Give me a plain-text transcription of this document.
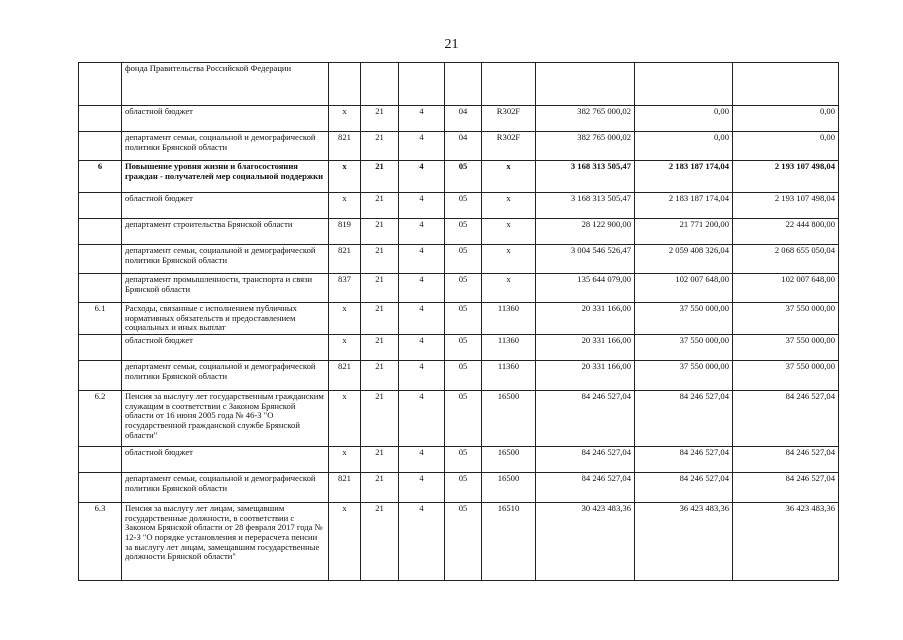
21

	фонда Правительства Российской Федерации								

	областной бюджет	x	21	4	04	R302F	382 765 000,02	0,00	0,00

	департамент семьи, социальной и демографической политики Брянской области	821	21	4	04	R302F	382 765 000,02	0,00	0,00

6	Повышение уровня жизни и благосостояния граждан - получателей мер социальной поддержки	x	21	4	05	x	3 168 313 505,47	2 183 187 174,04	2 193 107 498,04

	областной бюджет	x	21	4	05	x	3 168 313 505,47	2 183 187 174,04	2 193 107 498,04

	департамент строительства Брянской области	819	21	4	05	x	28 122 900,00	21 771 200,00	22 444 800,00

	департамент семьи, социальной и демографической политики Брянской области	821	21	4	05	x	3 004 546 526,47	2 059 408 326,04	2 068 655 050,04

	департамент промышленности, транспорта и связи Брянской области	837	21	4	05	x	135 644 079,00	102 007 648,00	102 007 648,00

6.1	Расходы, связанные с исполнением публичных нормативных обязательств и предоставлением социальных и иных выплат	x	21	4	05	11360	20 331 166,00	37 550 000,00	37 550 000,00

	областной бюджет	x	21	4	05	11360	20 331 166,00	37 550 000,00	37 550 000,00

	департамент семьи, социальной и демографической политики Брянской области	821	21	4	05	11360	20 331 166,00	37 550 000,00	37 550 000,00

6.2	Пенсия за выслугу лет государственным гражданским служащим в соответствии с Законом Брянской области от 16 июня 2005 года № 46-З "О государственной гражданской службе Брянской области"	x	21	4	05	16500	84 246 527,04	84 246 527,04	84 246 527,04

	областной бюджет	x	21	4	05	16500	84 246 527,04	84 246 527,04	84 246 527,04

	департамент семьи, социальной и демографической политики Брянской области	821	21	4	05	16500	84 246 527,04	84 246 527,04	84 246 527,04

6.3	Пенсия за выслугу лет лицам, замещавшим государственные должности, в соответствии с Законом Брянской области от 28 февраля 2017 года № 12-З "О порядке установления и перерасчета пенсии за выслугу лет лицам, замещавшим государственные должности Брянской области"	x	21	4	05	16510	30 423 483,36	36 423 483,36	36 423 483,36
